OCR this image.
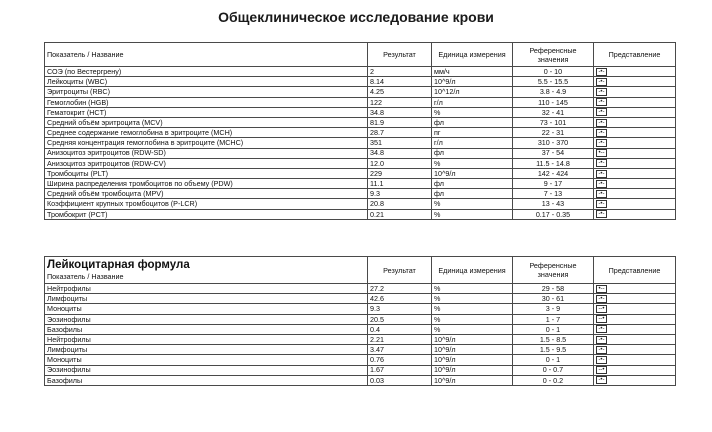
Общеклиническое исследование крови
Показатель / Название	Результат	Единица измерения	Референсные значения	Представление
СОЭ (по Вестергрену)	2	мм/ч	0 - 10	-•-
Лейкоциты (WBC)	8.14	10^9/л	5.5 - 15.5	-•-
Эритроциты (RBC)	4.25	10^12/л	3.8 - 4.9	-•-
Гемоглобин (HGB)	122	г/л	110 - 145	-•-
Гематокрит (HCT)	34.8	%	32 - 41	-•-
Средний объём эритроцита (MCV)	81.9	фл	73 - 101	-•-
Среднее содержание гемоглобина в эритроците (MCH)	28.7	пг	22 - 31	-•-
Средняя концентрация гемоглобина в эритроците (MCHC)	351	г/л	310 - 370	-•-
Анизоцитоз эритроцитов (RDW-SD)	34.8	фл	37 - 54	•--
Анизоцитоз эритроцитов (RDW-CV)	12.0	%	11.5 - 14.8	-•-
Тромбоциты (PLT)	229	10^9/л	142 - 424	-•-
Ширина распределения тромбоцитов по объему (PDW)	11.1	фл	9 - 17	-•-
Средний объём тромбоцита (MPV)	9.3	фл	7 - 13	-•-
Коэффициент крупных тромбоцитов (P-LCR)	20.8	%	13 - 43	-•-
Тромбокрит (PCT)	0.21	%	0.17 - 0.35	-•-
Лейкоцитарная формула
Показатель / Название	Результат	Единица измерения	Референсные значения	Представление
Нейтрофилы	27.2	%	29 - 58	•--
Лимфоциты	42.6	%	30 - 61	-•-
Моноциты	9.3	%	3 - 9	--•
Эозинофилы	20.5	%	1 - 7	--•
Базофилы	0.4	%	0 - 1	-•-
Нейтрофилы	2.21	10^9/л	1.5 - 8.5	-•-
Лимфоциты	3.47	10^9/л	1.5 - 9.5	-•-
Моноциты	0.76	10^9/л	0 - 1	-•-
Эозинофилы	1.67	10^9/л	0 - 0.7	--•
Базофилы	0.03	10^9/л	0 - 0.2	-•-
